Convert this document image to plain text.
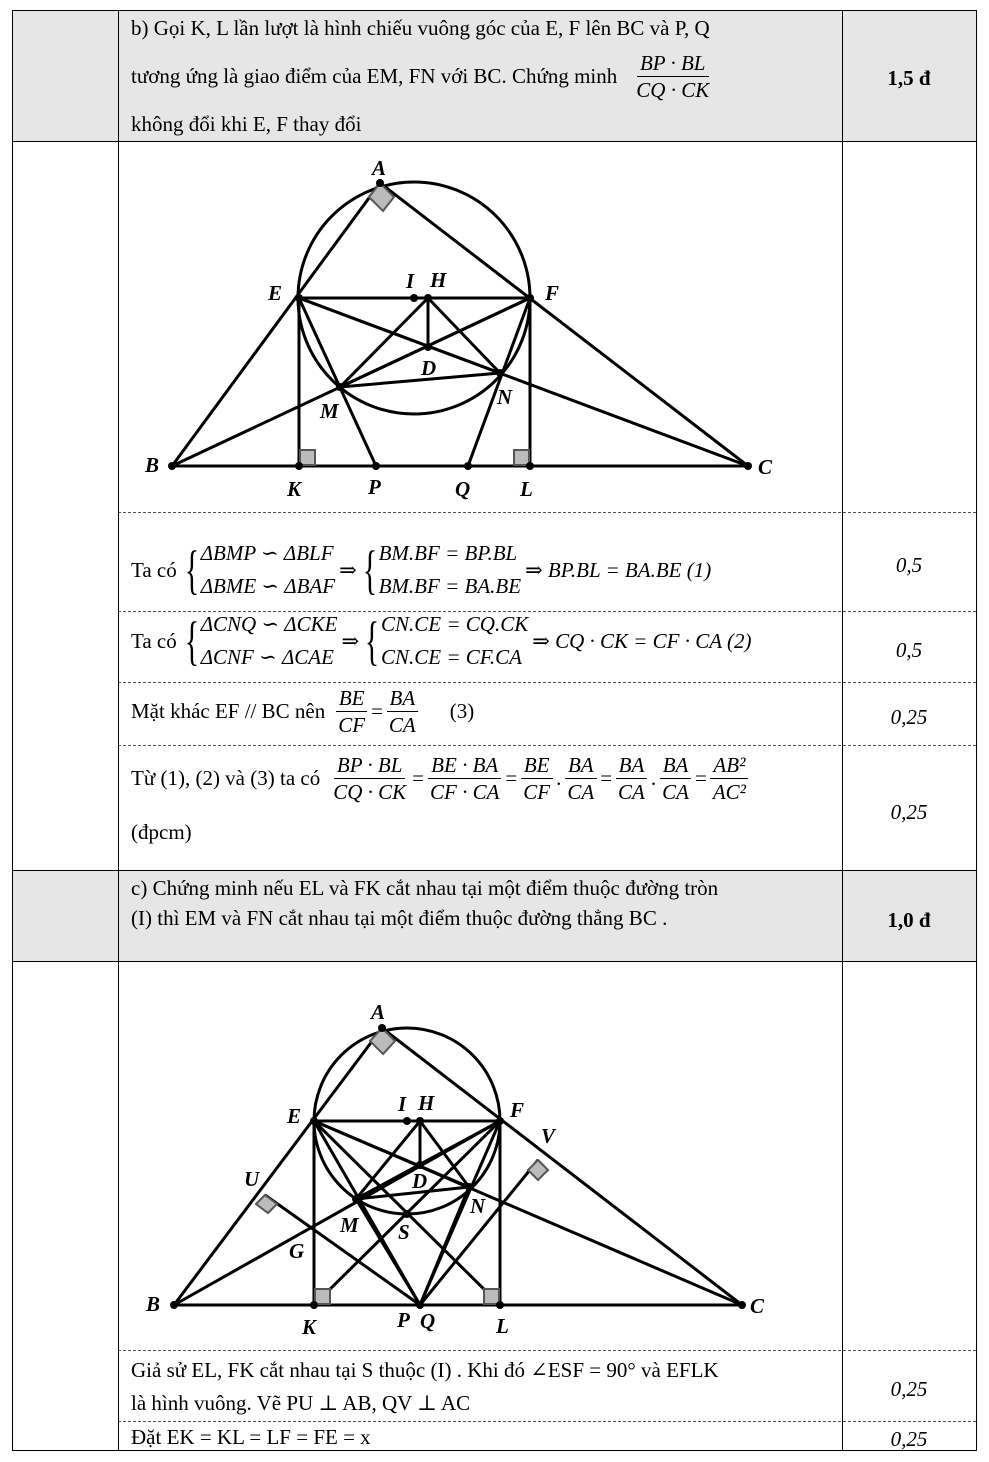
b) Gọi K, L lần lượt là hình chiếu vuông góc của E, F lên BC và P, Q
tương ứng là giao điểm của EM, FN với BC. Chứng minh $\frac{BP \cdot BL}{CQ \cdot CK}$
không đổi khi E, F thay đổi
1,5 đ
A
E	I H
F
D
M
N
B
K	P	Q L
C
Ta có { ΔBMP ∽ ΔBLF
ΔBME ∽ ΔBAF
⇒ { BM.BF = BP.BL
BM.BF = BA.BE
⇒ BP.BL = BA.BE (1)	0,5
Ta có { ΔCNQ ∽ ΔCKE
ΔCNF ∽ ΔCAE
⇒ { CN.CE = CQ.CK
CN.CE = CF.CA
⇒ CQ · CK = CF · CA (2)	0,5
Mặt khác EF // BC nên $\frac{BE}{CF} = \frac{BA}{CA} (3)$	0,25
Từ (1), (2) và (3) ta có $\frac{BP \cdot BL}{CQ \cdot CK} = \frac{BE \cdot BA}{CF \cdot CA} = \frac{BE}{CF}$ . $\frac{BA}{CA} = \frac{BA}{CA}$ . $\frac{BA}{CA} = \frac{\text{AB²}}{\text{AC²}}$
(đpcm)
0,25
c) Chứng minh nếu EL và FK cắt nhau tại một điểm thuộc đường tròn
(I) thì EM và FN cắt nhau tại một điểm thuộc đường thẳng BC .	1,0 đ
A
E	I H	F
V
U	D
M
N
S
G
B
K	P Q	L
C
Giả sử EL, FK cắt nhau tại S thuộc (I) . Khi đó ∠ESF = 90° và EFLK
là hình vuông. Vẽ PU ⊥ AB, QV ⊥ AC
0,25
Đặt EK = KL = LF = FE = x	0,25
